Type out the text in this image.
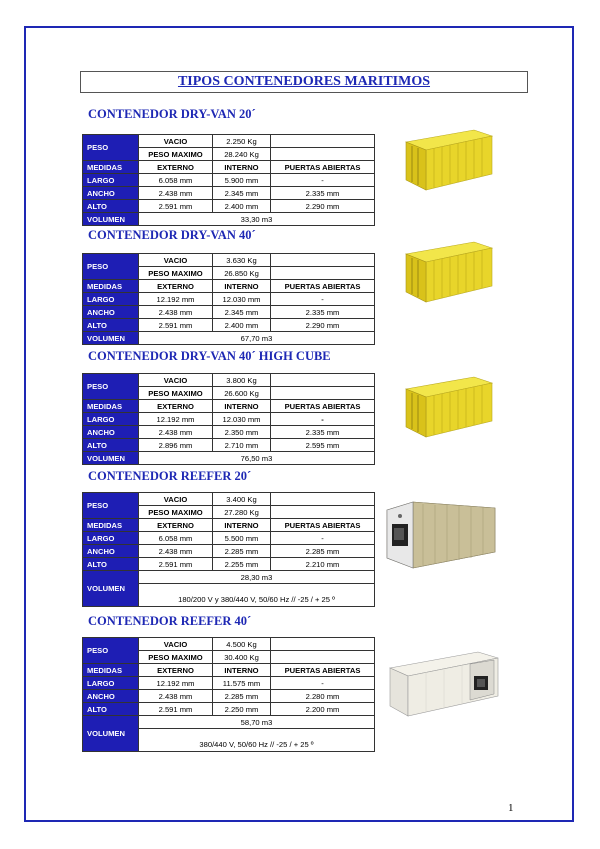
TIPOS CONTENEDORES MARITIMOS
CONTENEDOR DRY-VAN 20´
PESO	VACIO	2.250 Kg	
	PESO MAXIMO	28.240 Kg	
MEDIDAS	EXTERNO	INTERNO	PUERTAS ABIERTAS
LARGO	6.058 mm	5.900 mm	-
ANCHO	2.438 mm	2.345 mm	2.335 mm
ALTO	2.591 mm	2.400 mm	2.290 mm
VOLUMEN	33,30 m3		
CONTENEDOR DRY-VAN 40´
PESO	VACIO	3.630 Kg	
	PESO MAXIMO	26.850 Kg	
MEDIDAS	EXTERNO	INTERNO	PUERTAS ABIERTAS
LARGO	12.192 mm	12.030 mm	-
ANCHO	2.438 mm	2.345 mm	2.335 mm
ALTO	2.591 mm	2.400 mm	2.290 mm
VOLUMEN	67,70 m3		
CONTENEDOR DRY-VAN 40´ HIGH CUBE
PESO	VACIO	3.800 Kg	
	PESO MAXIMO	26.600 Kg	
MEDIDAS	EXTERNO	INTERNO	PUERTAS ABIERTAS
LARGO	12.192 mm	12.030 mm	-
ANCHO	2.438 mm	2.350 mm	2.335 mm
ALTO	2.896 mm	2.710 mm	2.595 mm
VOLUMEN	76,50 m3		
CONTENEDOR REEFER 20´
PESO	VACIO	3.400 Kg	
	PESO MAXIMO	27.280 Kg	
MEDIDAS	EXTERNO	INTERNO	PUERTAS ABIERTAS
LARGO	6.058 mm	5.500 mm	-
ANCHO	2.438 mm	2.285 mm	2.285 mm
ALTO	2.591 mm	2.255 mm	2.210 mm
VOLUMEN	28,30 m3		
	180/200 V y 380/440 V, 50/60 Hz // -25 / + 25 º		
CONTENEDOR REEFER 40´
PESO	VACIO	4.500 Kg	
	PESO MAXIMO	30.400 Kg	
MEDIDAS	EXTERNO	INTERNO	PUERTAS ABIERTAS
LARGO	12.192 mm	11.575 mm	-
ANCHO	2.438 mm	2.285 mm	2.280 mm
ALTO	2.591 mm	2.250 mm	2.200 mm
VOLUMEN	58,70 m3		
	380/440 V, 50/60 Hz // -25 / + 25 º		
1
